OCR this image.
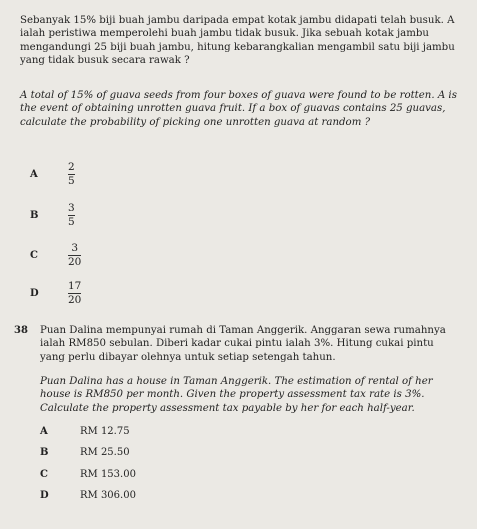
Sebanyak 15% biji buah jambu daripada empat kotak jambu didapati telah busuk. A ialah peristiwa memperolehi buah jambu tidak busuk. Jika sebuah kotak jambu mengandungi 25 biji buah jambu, hitung kebarangkalian mengambil satu biji jambu yang tidak busuk secara rawak ?

A total of 15% of guava seeds from four boxes of guava were found to be rotten. A is the event of obtaining unrotten guava fruit. If a box of guavas contains 25 guavas, calculate the probability of picking one unrotten guava at random ?

A	$\frac{2}{5}$
B	$\frac{3}{5}$
C	$\frac{3}{20}$
D	$\frac{17}{20}$
38 Puan Dalina mempunyai rumah di Taman Anggerik. Anggaran sewa rumahnya ialah RM850 sebulan. Diberi kadar cukai pintu ialah 3%. Hitung cukai pintu yang perlu dibayar olehnya untuk setiap setengah tahun.

Puan Dalina has a house in Taman Anggerik. The estimation of rental of her house is RM850 per month. Given the property assessment tax rate is 3%. Calculate the property assessment tax payable by her for each half-year.

A	RM 12.75
B	RM 25.50
C	RM 153.00
D	RM 306.00
